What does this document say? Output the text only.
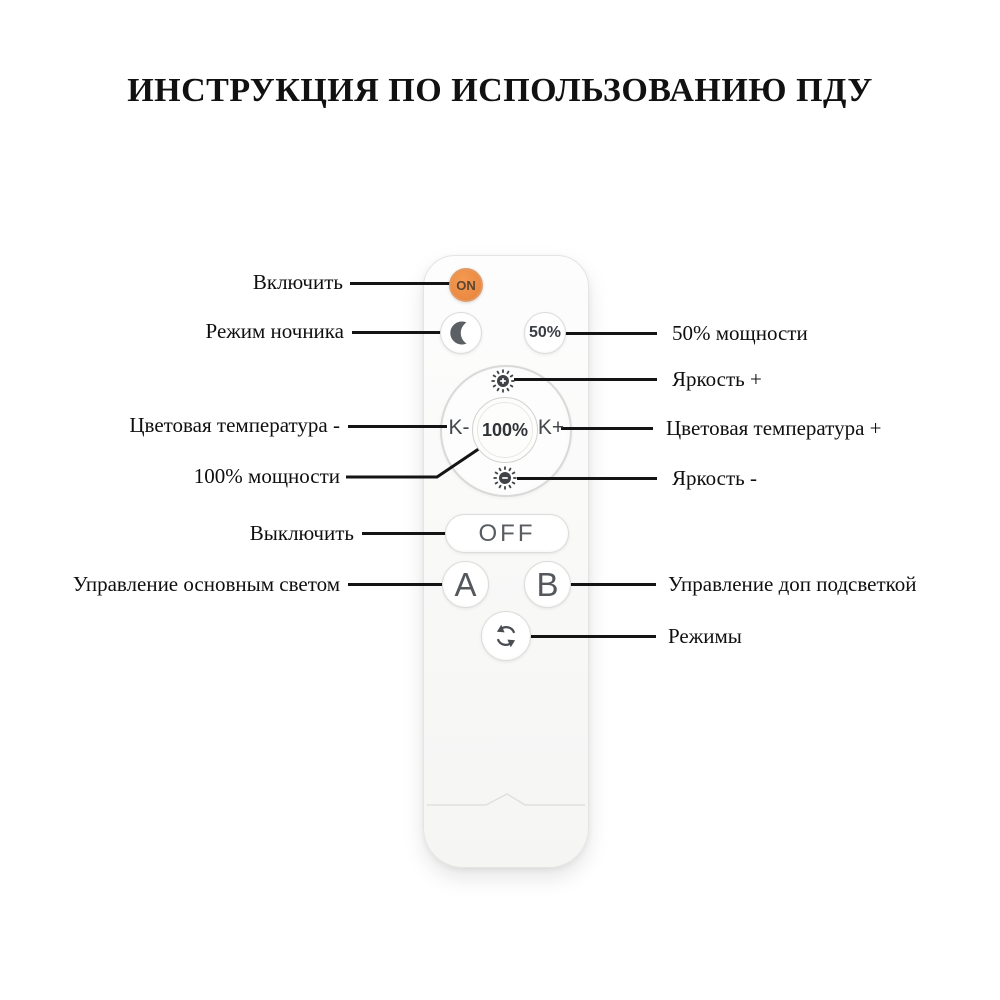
ИНСТРУКЦИЯ ПО ИСПОЛЬЗОВАНИЮ ПДУ
ON
50%
K- 100% K+
OFF
A	B
Включить
Режим ночника
Цветовая температура -
100% мощности
Выключить
Управление основным светом
50% мощности
Яркость +
Цветовая температура +
Яркость -
Управление доп подсветкой
Режимы
